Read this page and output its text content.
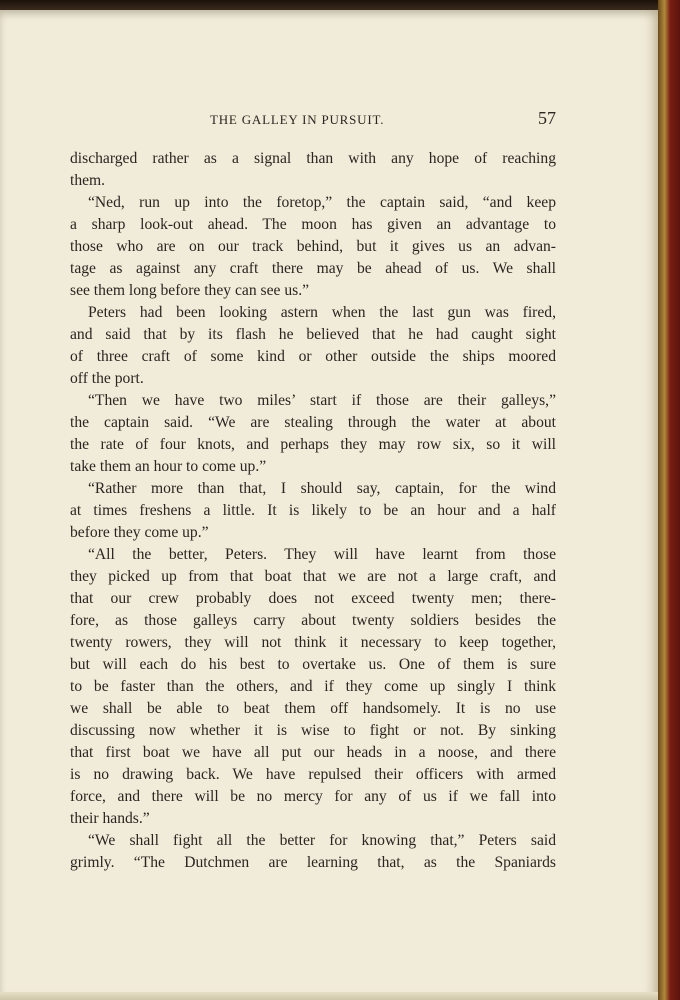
THE GALLEY IN PURSUIT.	57
discharged rather as a signal than with any hope of reaching
them.
“Ned, run up into the foretop,” the captain said, “and keep
a sharp look-out ahead. The moon has given an advantage to
those who are on our track behind, but it gives us an advan-
tage as against any craft there may be ahead of us. We shall
see them long before they can see us.”
Peters had been looking astern when the last gun was fired,
and said that by its flash he believed that he had caught sight
of three craft of some kind or other outside the ships moored
off the port.
“Then we have two miles’ start if those are their galleys,”
the captain said. “We are stealing through the water at about
the rate of four knots, and perhaps they may row six, so it will
take them an hour to come up.”
“Rather more than that, I should say, captain, for the wind
at times freshens a little. It is likely to be an hour and a half
before they come up.”
“All the better, Peters. They will have learnt from those
they picked up from that boat that we are not a large craft, and
that our crew probably does not exceed twenty men; there-
fore, as those galleys carry about twenty soldiers besides the
twenty rowers, they will not think it necessary to keep together,
but will each do his best to overtake us. One of them is sure
to be faster than the others, and if they come up singly I think
we shall be able to beat them off handsomely. It is no use
discussing now whether it is wise to fight or not. By sinking
that first boat we have all put our heads in a noose, and there
is no drawing back. We have repulsed their officers with armed
force, and there will be no mercy for any of us if we fall into
their hands.”
“We shall fight all the better for knowing that,” Peters said
grimly. “The Dutchmen are learning that, as the Spaniards
